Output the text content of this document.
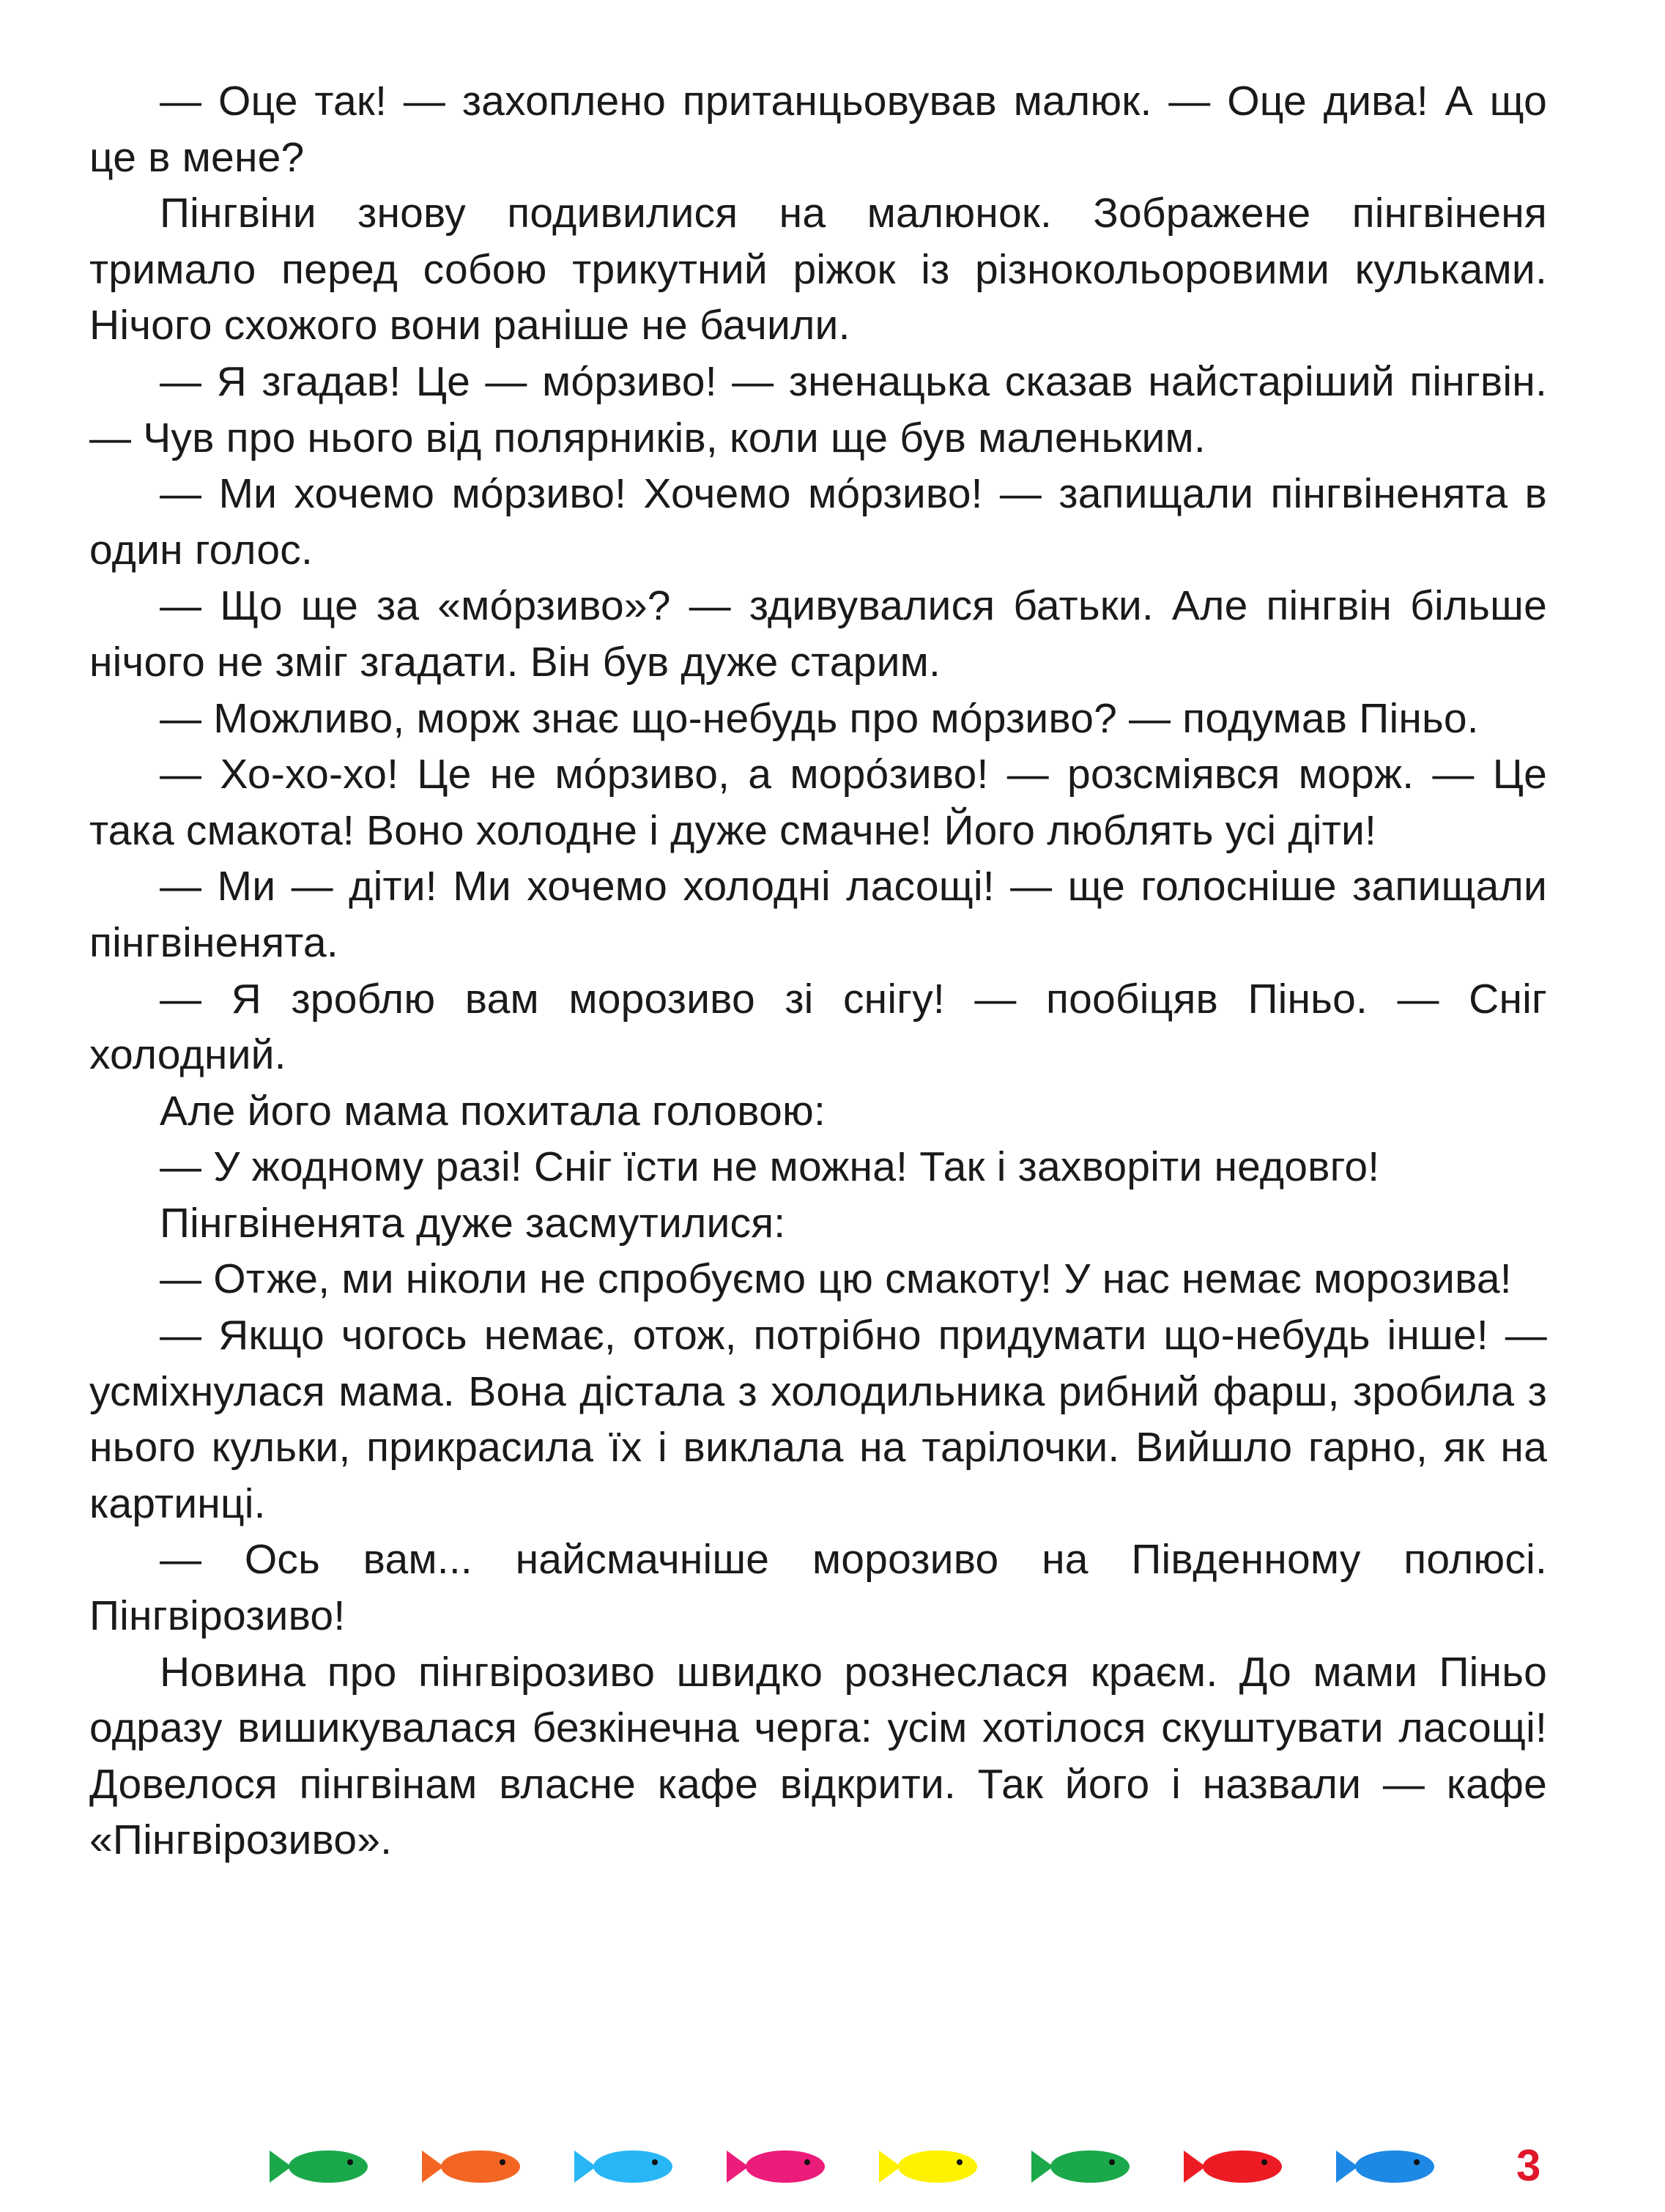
— Оце так! — захоплено пританцьовував малюк. — Оце дива! А що це в мене?

Пінгвіни знову подивилися на малюнок. Зображене пінгвіненя тримало перед собою трикутний ріжок із різнокольоровими кульками. Нічого схожого вони раніше не бачили.

— Я згадав! Це — мо́рзиво! — зненацька сказав найстаріший пінгвін. — Чув про нього від полярників, коли ще був маленьким.

— Ми хочемо мо́рзиво! Хочемо мо́рзиво! — запищали пінгвіненята в один голос.

— Що ще за «мо́рзиво»? — здивувалися батьки. Але пінгвін більше нічого не зміг згадати. Він був дуже старим.

— Можливо, морж знає що-небудь про мо́рзиво? — подумав Піньо.

— Хо-хо-хо! Це не мо́рзиво, а моро́зиво! — розсміявся морж. — Це така смакота! Воно холодне і дуже смачне! Його люблять усі діти!

— Ми — діти! Ми хочемо холодні ласощі! — ще голосніше запищали пінгвіненята.

— Я зроблю вам морозиво зі снігу! — пообіцяв Піньо. — Сніг холодний.

Але його мама похитала головою:

— У жодному разі! Сніг їсти не можна! Так і захворіти недовго!

Пінгвіненята дуже засмутилися:

— Отже, ми ніколи не спробуємо цю смакоту! У нас немає морозива!

— Якщо чогось немає, отож, потрібно придумати що-небудь інше! — усміхнулася мама. Вона дістала з холодильника рибний фарш, зробила з нього кульки, прикрасила їх і виклала на тарілочки. Вийшло гарно, як на картинці.

— Ось вам... найсмачніше морозиво на Південному полюсі. Пінгвірозиво!

Новина про пінгвірозиво швидко рознеслася краєм. До мами Піньо одразу вишикувалася безкінечна черга: усім хотілося скуштувати ласощі! Довелося пінгвінам власне кафе відкрити. Так його і назвали — кафе «Пінгвірозиво».

3
